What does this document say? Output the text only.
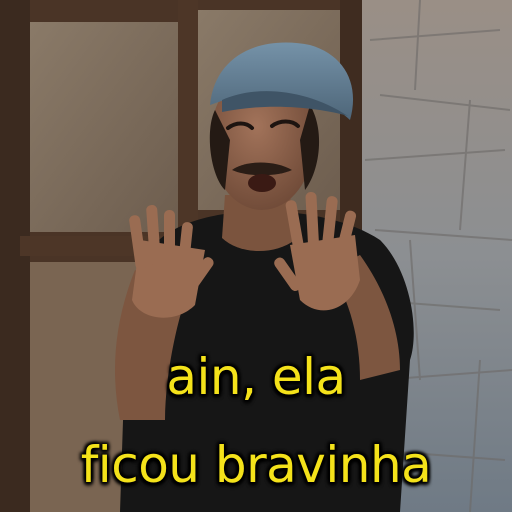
ain, ela
ficou bravinha
